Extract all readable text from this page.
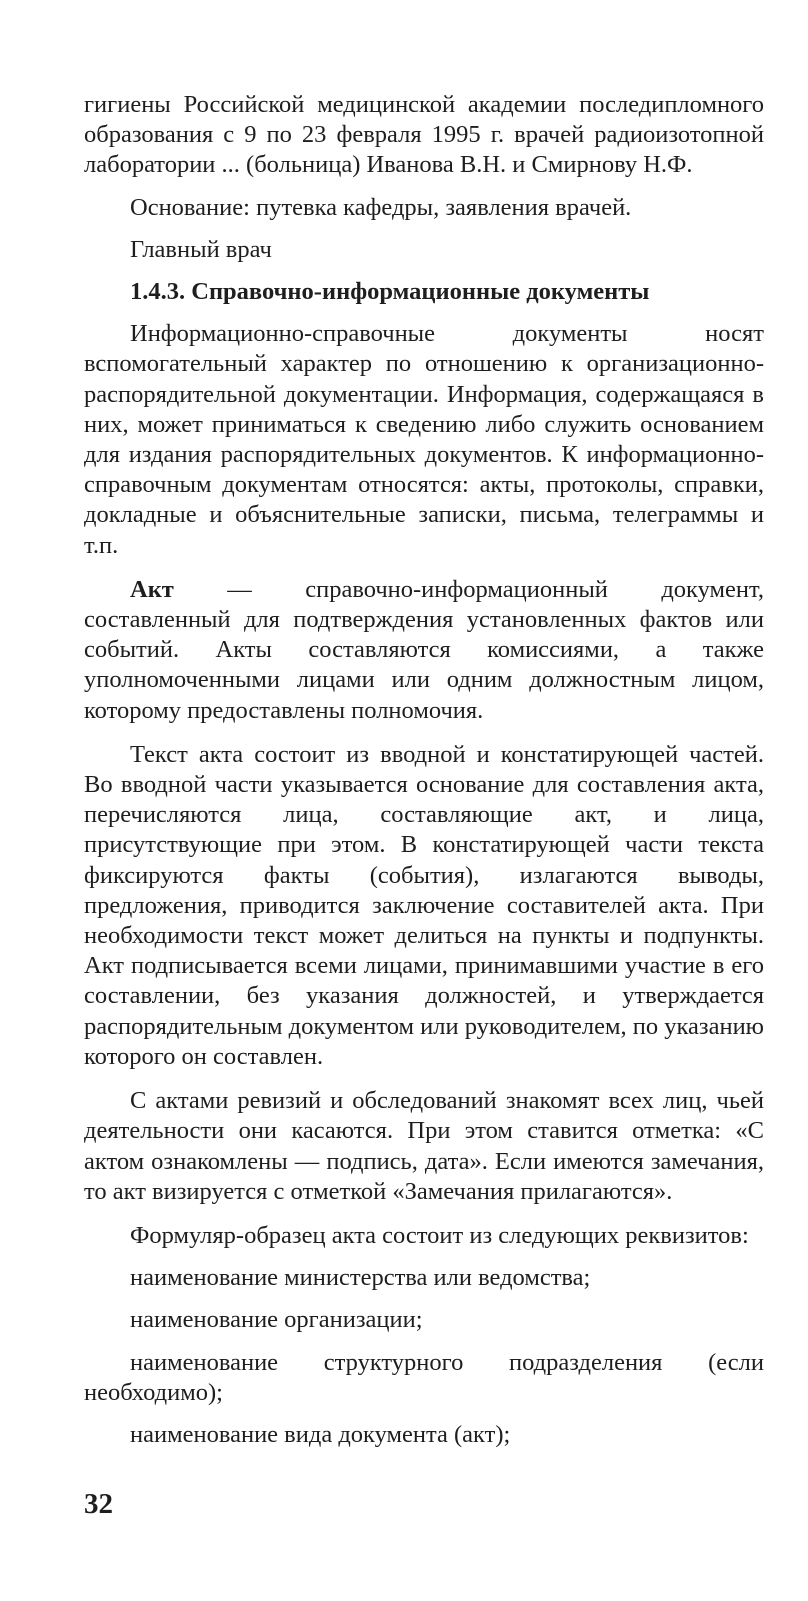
гигиены Российской медицинской академии последипломного образования с 9 по 23 февраля 1995 г. врачей радиоизотопной лаборатории ... (больница) Иванова В.Н. и Смирнову Н.Ф.

Основание: путевка кафедры, заявления врачей.

Главный врач

1.4.3. Справочно-информационные документы

Информационно-справочные документы носят вспомогательный характер по отношению к организационно-распорядительной документации. Информация, содержащаяся в них, может приниматься к сведению либо служить основанием для издания распорядительных документов. К информационно-справочным документам относятся: акты, протоколы, справки, докладные и объяснительные записки, письма, телеграммы и т.п.

Акт — справочно-информационный документ, составленный для подтверждения установленных фактов или событий. Акты составляются комиссиями, а также уполномоченными лицами или одним должностным лицом, которому предоставлены полномочия.

Текст акта состоит из вводной и констатирующей частей. Во вводной части указывается основание для составления акта, перечисляются лица, составляющие акт, и лица, присутствующие при этом. В констатирующей части текста фиксируются факты (события), излагаются выводы, предложения, приводится заключение составителей акта. При необходимости текст может делиться на пункты и подпункты. Акт подписывается всеми лицами, принимавшими участие в его составлении, без указания должностей, и утверждается распорядительным документом или руководителем, по указанию которого он составлен.

С актами ревизий и обследований знакомят всех лиц, чьей деятельности они касаются. При этом ставится отметка: «С актом ознакомлены — подпись, дата». Если имеются замечания, то акт визируется с отметкой «Замечания прилагаются».

Формуляр-образец акта состоит из следующих реквизитов:

наименование министерства или ведомства;

наименование организации;

наименование структурного подразделения (если необходимо);

наименование вида документа (акт);

32
